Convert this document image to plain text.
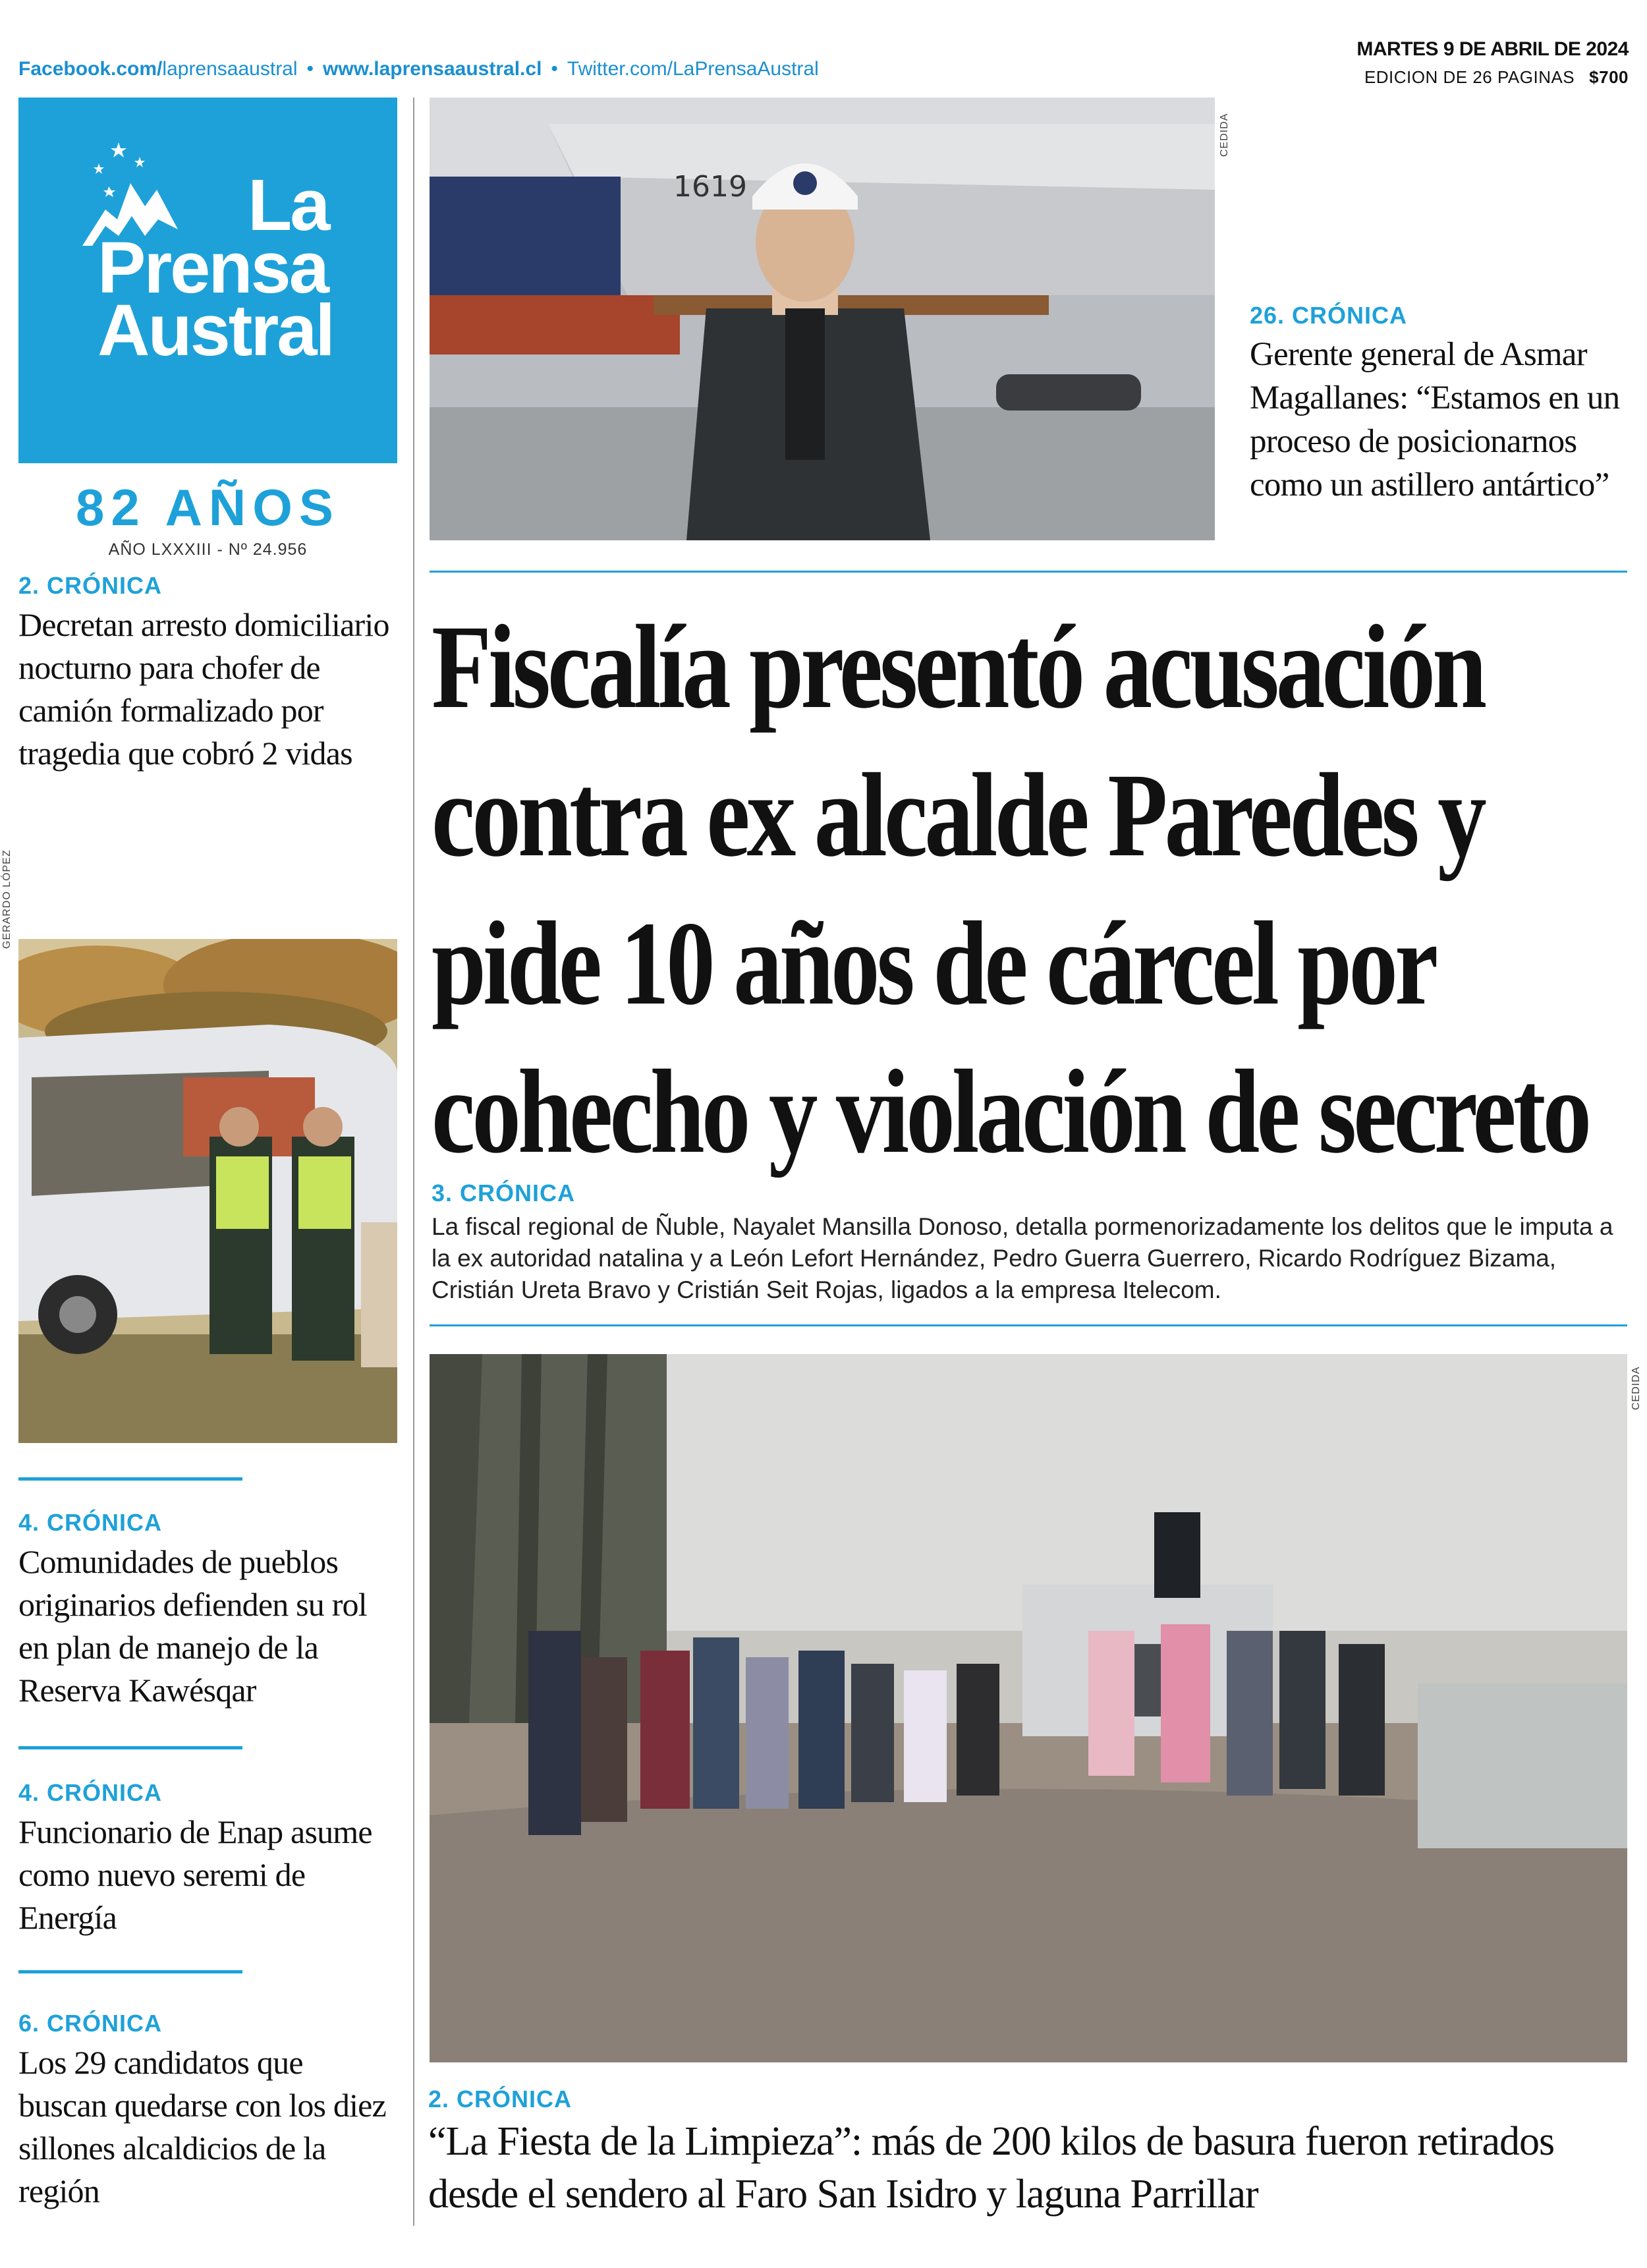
Facebook.com/laprensaaustral • www.laprensaaustral.cl • Twitter.com/LaPrensaAustral
MARTES 9 DE ABRIL DE 2024
EDICION DE 26 PAGINAS $700
La
Prensa
Austral
82 AÑOS
AÑO LXXXIII - Nº 24.956
2. CRÓNICA
Decretan arresto domiciliario nocturno para chofer de camión formalizado por tragedia que cobró 2 vidas
GERARDO LÓPEZ
4. CRÓNICA
Comunidades de pueblos originarios defienden su rol en plan de manejo de la Reserva Kawésqar
4. CRÓNICA
Funcionario de Enap asume como nuevo seremi de Energía
6. CRÓNICA
Los 29 candidatos que buscan quedarse con los diez sillones alcaldicios de la región
1619
CEDIDA
26. CRÓNICA
Gerente general de Asmar Magallanes: “Estamos en un proceso de posicionarnos como un astillero antártico”
Fiscalía presentó acusación
contra ex alcalde Paredes y
pide 10 años de cárcel por
cohecho y violación de secreto
3. CRÓNICA
La fiscal regional de Ñuble, Nayalet Mansilla Donoso, detalla pormenorizadamente los delitos que le imputa a la ex autoridad natalina y a León Lefort Hernández, Pedro Guerra Guerrero, Ricardo Rodríguez Bizama, Cristián Ureta Bravo y Cristián Seit Rojas, ligados a la empresa Itelecom.
CEDIDA
2. CRÓNICA
“La Fiesta de la Limpieza”: más de 200 kilos de basura fueron retirados desde el sendero al Faro San Isidro y laguna Parrillar
